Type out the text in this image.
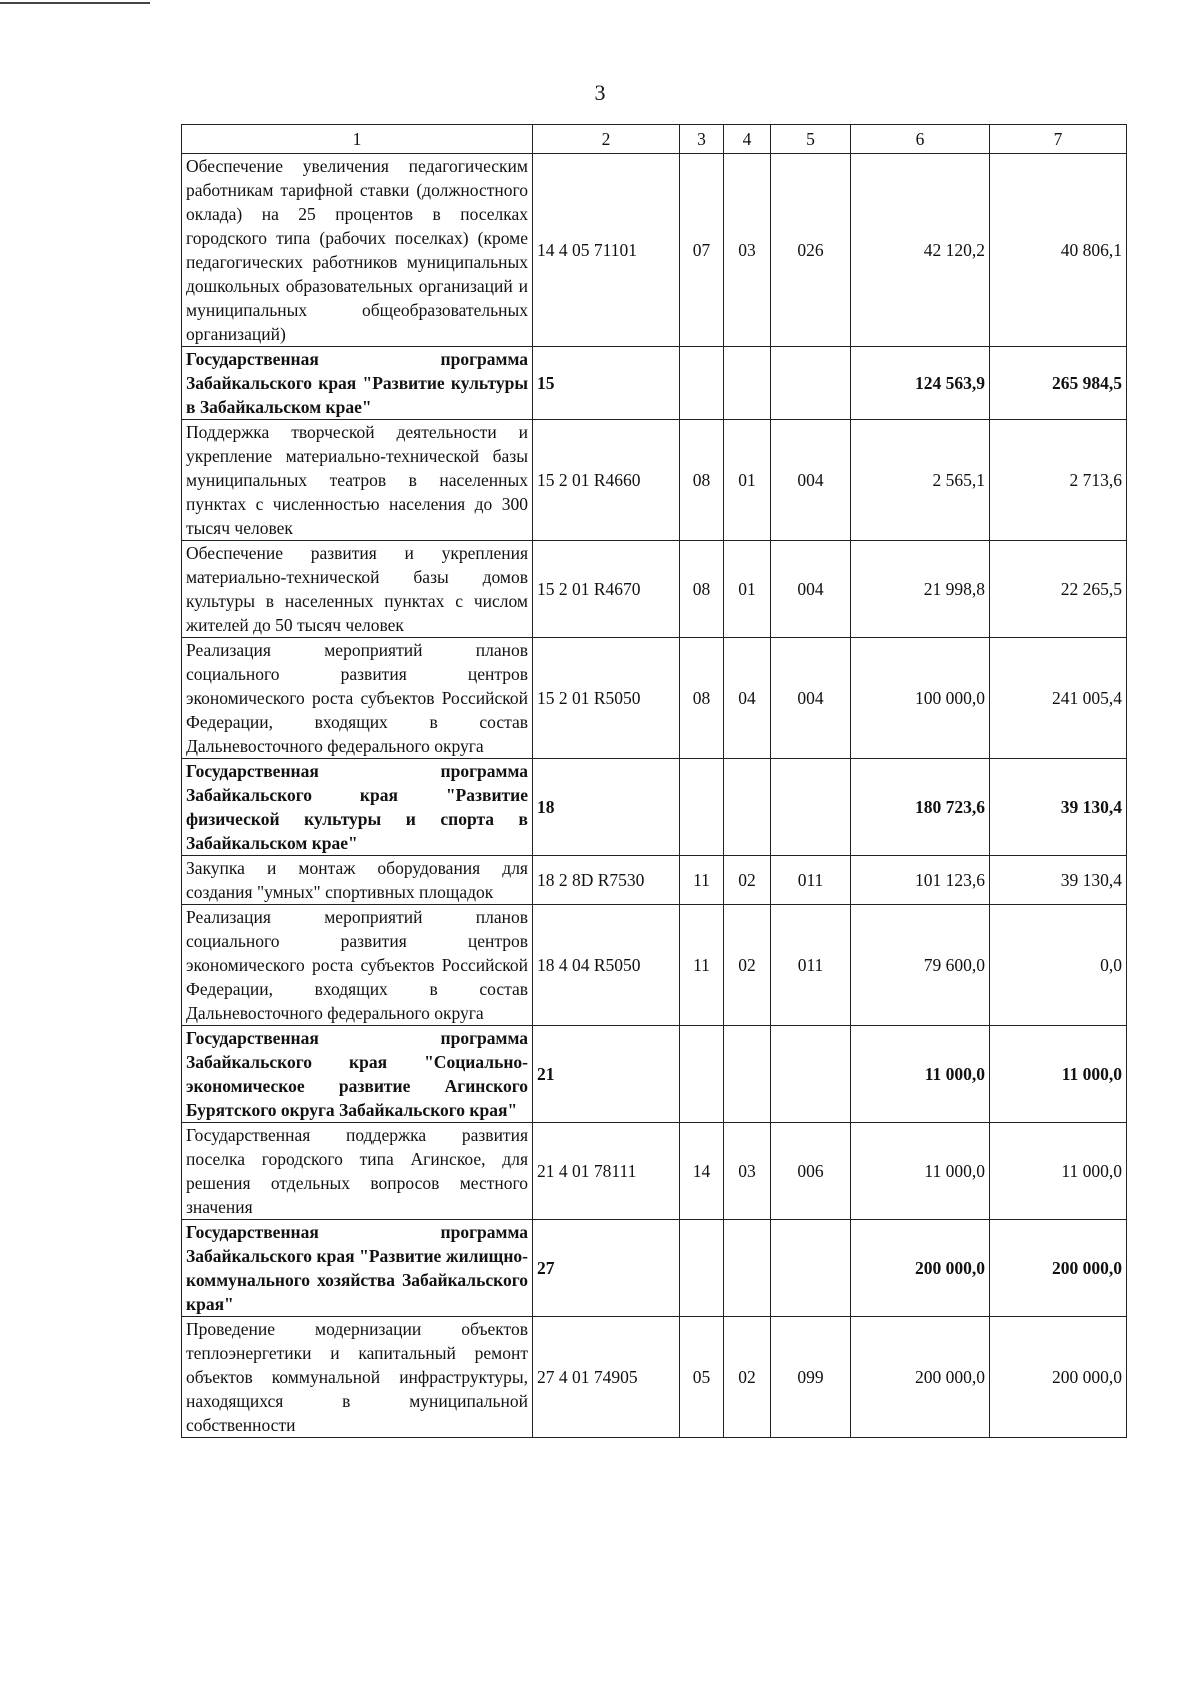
3
1	2	3	4	5	6	7
Обеспечение увеличения педагогическим работникам тарифной ставки (должностного оклада) на 25 процентов в поселках городского типа (рабочих поселках) (кроме педагогических работников муниципальных дошкольных образовательных организаций и муниципальных общеобразовательных организаций)	14 4 05 71101	07	03	026	42 120,2	40 806,1
Государственная программа Забайкальского края "Развитие культуры в Забайкальском крае"	15				124 563,9	265 984,5
Поддержка творческой деятельности и укрепление материально-технической базы муниципальных театров в населенных пунктах с численностью населения до 300 тысяч человек	15 2 01 R4660	08	01	004	2 565,1	2 713,6
Обеспечение развития и укрепления материально-технической базы домов культуры в населенных пунктах с числом жителей до 50 тысяч человек	15 2 01 R4670	08	01	004	21 998,8	22 265,5
Реализация мероприятий планов социального развития центров экономического роста субъектов Российской Федерации, входящих в состав Дальневосточного федерального округа	15 2 01 R5050	08	04	004	100 000,0	241 005,4
Государственная программа Забайкальского края "Развитие физической культуры и спорта в Забайкальском крае"	18				180 723,6	39 130,4
Закупка и монтаж оборудования для создания "умных" спортивных площадок	18 2 8D R7530	11	02	011	101 123,6	39 130,4
Реализация мероприятий планов социального развития центров экономического роста субъектов Российской Федерации, входящих в состав Дальневосточного федерального округа	18 4 04 R5050	11	02	011	79 600,0	0,0
Государственная программа Забайкальского края "Социально-экономическое развитие Агинского Бурятского округа Забайкальского края"	21				11 000,0	11 000,0
Государственная поддержка развития поселка городского типа Агинское, для решения отдельных вопросов местного значения	21 4 01 78111	14	03	006	11 000,0	11 000,0
Государственная программа Забайкальского края "Развитие жилищно-коммунального хозяйства Забайкальского края"	27				200 000,0	200 000,0
Проведение модернизации объектов теплоэнергетики и капитальный ремонт объектов коммунальной инфраструктуры, находящихся в муниципальной собственности	27 4 01 74905	05	02	099	200 000,0	200 000,0
